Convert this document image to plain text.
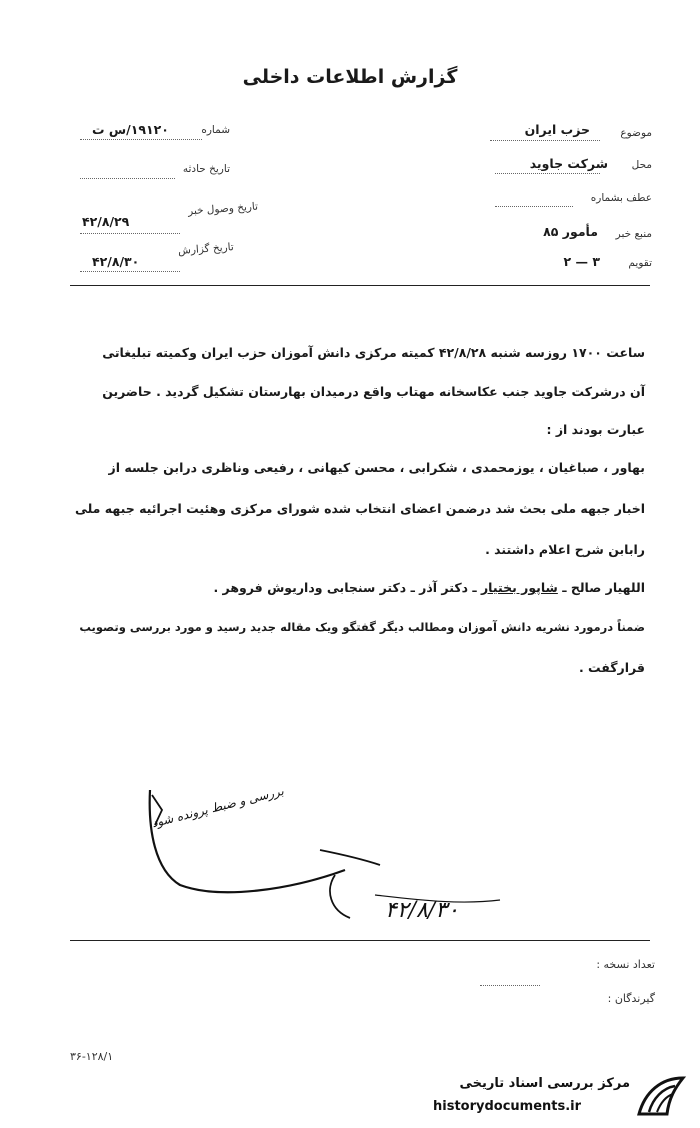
گزارش اطلاعات داخلی
شماره
۱۹۱۲۰/س ت
تاریخ حادثه
تاریخ وصول خبر
۴۲/۸/۲۹
تاریخ گزارش
۴۲/۸/۳۰
موضوع
حزب ایران
محل
شرکت جاوید
عطف بشماره
منبع خبر
مأمور ۸۵
تقویم
۳ — ۲
ساعت ۱۷۰۰ روزسه شنبه ۴۲/۸/۲۸ کمیته مرکزی دانش آموزان حزب ایران وکمیته تبلیغاتی
آن درشرکت جاوید جنب عکاسخانه مهتاب واقع درمیدان بهارستان تشکیل گردید . حاضرین
عبارت بودند از :
بهاور ، صباغیان ، یوزمحمدی ، شکرابی ، محسن کیهانی ، رفیعی وناظری درابن جلسه از
اخبار جبهه ملی بحث شد درضمن اعضای انتخاب شده شورای مرکزی وهئیت اجرائیه جبهه ملی
رابابن شرح اعلام داشتند .
اللهیار صالح ـ شاپور بختیار ـ دکتر آذر ـ دکتر سنجابی وداریوش فروهر .
ضمناً درمورد نشریه دانش آموزان ومطالب دیگر گفتگو ویک مقاله جدید رسید و مورد بررسی وتصویب
قرارگفت .
بررسی و ضبط پرونده شود
۴۲/۸/۳۰
تعداد نسخه :
گیرندگان :
۳۶-۱۲۸/۱
مرکز بررسی اسناد تاریخی
historydocuments.ir
